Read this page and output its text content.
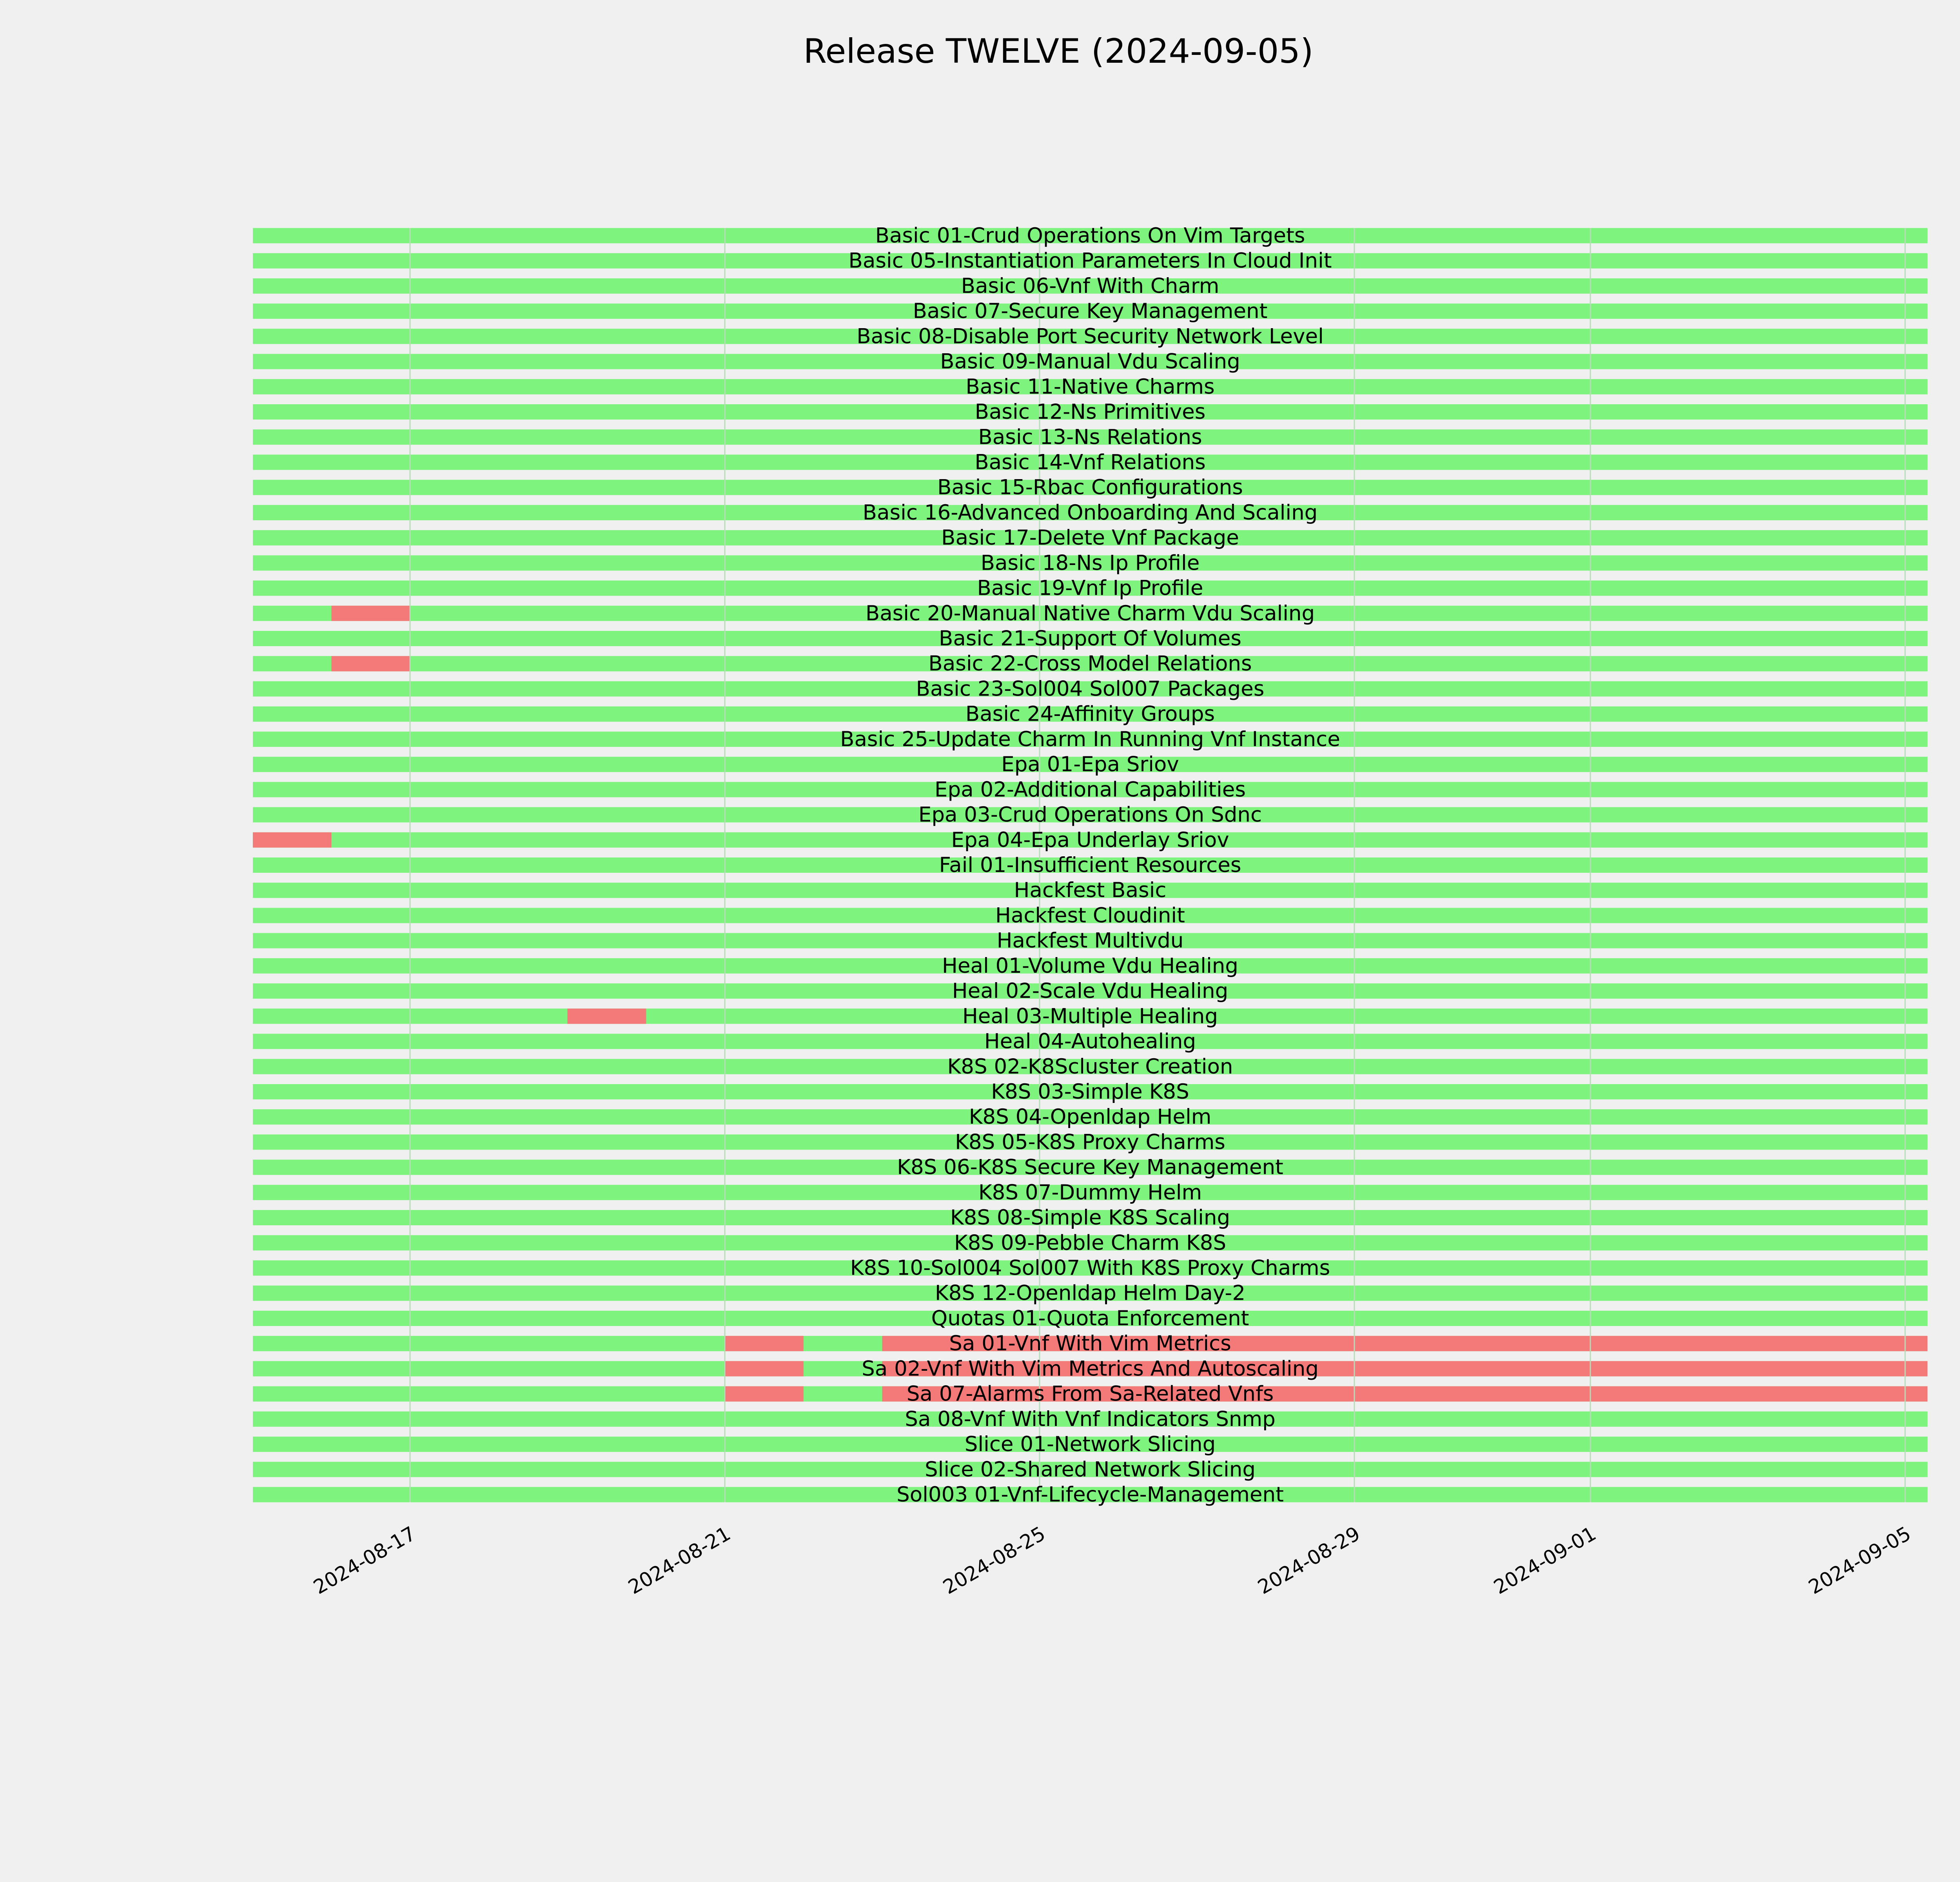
Release TWELVE (2024-09-05)
Basic 01-Crud Operations On Vim Targets
Basic 05-Instantiation Parameters In Cloud Init
Basic 06-Vnf With Charm
Basic 07-Secure Key Management
Basic 08-Disable Port Security Network Level
Basic 09-Manual Vdu Scaling
Basic 11-Native Charms
Basic 12-Ns Primitives
Basic 13-Ns Relations
Basic 14-Vnf Relations
Basic 15-Rbac Configurations
Basic 16-Advanced Onboarding And Scaling
Basic 17-Delete Vnf Package
Basic 18-Ns Ip Profile
Basic 19-Vnf Ip Profile
Basic 20-Manual Native Charm Vdu Scaling
Basic 21-Support Of Volumes
Basic 22-Cross Model Relations
Basic 23-Sol004 Sol007 Packages
Basic 24-Affinity Groups
Basic 25-Update Charm In Running Vnf Instance
Epa 01-Epa Sriov
Epa 02-Additional Capabilities
Epa 03-Crud Operations On Sdnc
Epa 04-Epa Underlay Sriov
Fail 01-Insufficient Resources
Hackfest Basic
Hackfest Cloudinit
Hackfest Multivdu
Heal 01-Volume Vdu Healing
Heal 02-Scale Vdu Healing
Heal 03-Multiple Healing
Heal 04-Autohealing
K8S 02-K8Scluster Creation
K8S 03-Simple K8S
K8S 04-Openldap Helm
K8S 05-K8S Proxy Charms
K8S 06-K8S Secure Key Management
K8S 07-Dummy Helm
K8S 08-Simple K8S Scaling
K8S 09-Pebble Charm K8S
K8S 10-Sol004 Sol007 With K8S Proxy Charms
K8S 12-Openldap Helm Day-2
Quotas 01-Quota Enforcement
Sa 01-Vnf With Vim Metrics
Sa 02-Vnf With Vim Metrics And Autoscaling
Sa 07-Alarms From Sa-Related Vnfs
Sa 08-Vnf With Vnf Indicators Snmp
Slice 01-Network Slicing
Slice 02-Shared Network Slicing
Sol003 01-Vnf-Lifecycle-Management
2024-08-17	2024-08-21	2024-08-25	2024-08-29	2024-09-01	2024-09-05
